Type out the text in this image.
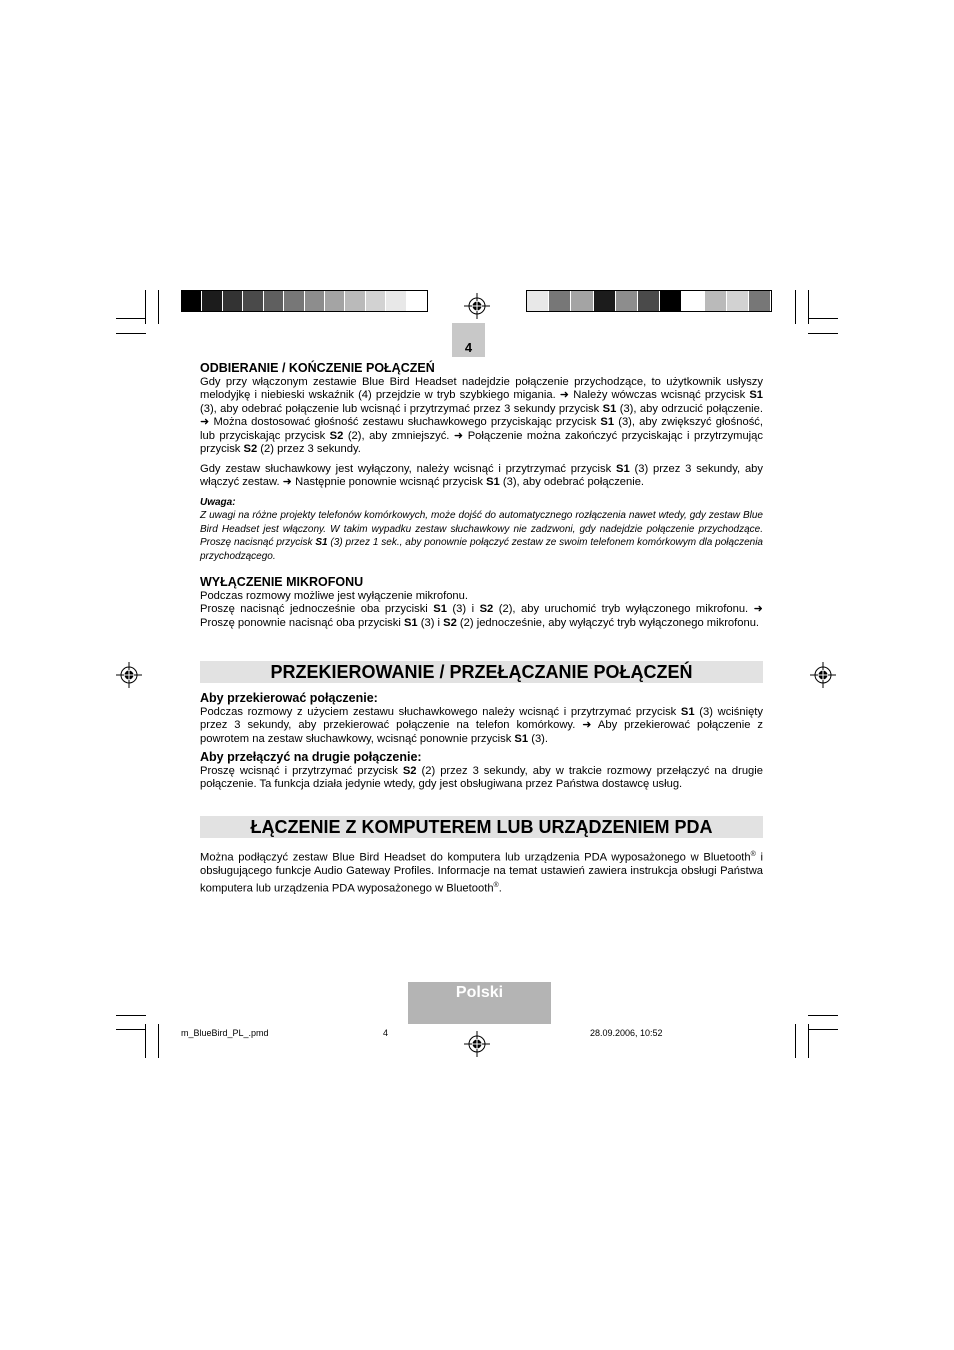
4

ODBIERANIE / KOŃCZENIE POŁĄCZEŃ

Gdy przy włączonym zestawie Blue Bird Headset nadejdzie połączenie przychodzące, to użytkownik usłyszy melodyjkę i niebieski wskaźnik (4) przejdzie w tryb szybkiego migania. ➜ Należy wówczas wcisnąć przycisk S1 (3), aby odebrać połączenie lub wcisnąć i przytrzymać przez 3 sekundy przycisk S1 (3), aby odrzucić połączenie. ➜ Można dostosować głośność zestawu słuchawkowego przyciskając przycisk S1 (3), aby zwiększyć głośność, lub przyciskając przycisk S2 (2), aby zmniejszyć. ➜ Połączenie można zakończyć przyciskając i przytrzymując przycisk S2 (2) przez 3 sekundy.

Gdy zestaw słuchawkowy jest wyłączony, należy wcisnąć i przytrzymać przycisk S1 (3) przez 3 sekundy, aby włączyć zestaw. ➜ Następnie ponownie wcisnąć przycisk S1 (3), aby odebrać połączenie.

Uwaga:

Z uwagi na różne projekty telefonów komórkowych, może dojść do automatycznego rozłączenia nawet wtedy, gdy zestaw Blue Bird Headset jest włączony. W takim wypadku zestaw słuchawkowy nie zadzwoni, gdy nadejdzie połączenie przychodzące. Proszę nacisnąć przycisk S1 (3) przez 1 sek., aby ponownie połączyć zestaw ze swoim telefonem komórkowym dla połączenia przychodzącego.

WYŁĄCZENIE MIKROFONU

Podczas rozmowy możliwe jest wyłączenie mikrofonu.

Proszę nacisnąć jednocześnie oba przyciski S1 (3) i S2 (2), aby uruchomić tryb wyłączonego mikrofonu. ➜ Proszę ponownie nacisnąć oba przyciski S1 (3) i S2 (2) jednocześnie, aby wyłączyć tryb wyłączonego mikrofonu.

PRZEKIEROWANIE / PRZEŁĄCZANIE POŁĄCZEŃ

Aby przekierować połączenie:

Podczas rozmowy z użyciem zestawu słuchawkowego należy wcisnąć i przytrzymać przycisk S1 (3) wciśnięty przez 3 sekundy, aby przekierować połączenie na telefon komórkowy. ➜ Aby przekierować połączenie z powrotem na zestaw słuchawkowy, wcisnąć ponownie przycisk S1 (3).

Aby przełączyć na drugie połączenie:

Proszę wcisnąć i przytrzymać przycisk S2 (2) przez 3 sekundy, aby w trakcie rozmowy przełączyć na drugie połączenie. Ta funkcja działa jedynie wtedy, gdy jest obsługiwana przez Państwa dostawcę usług.

ŁĄCZENIE Z KOMPUTEREM LUB URZĄDZENIEM PDA

Można podłączyć zestaw Blue Bird Headset do komputera lub urządzenia PDA wyposażonego w Bluetooth® i obsługującego funkcje Audio Gateway Profiles. Informacje na temat ustawień zawiera instrukcja obsługi Państwa komputera lub urządzenia PDA wyposażonego w Bluetooth®.

Polski
m_BlueBird_PL_.pmd	4	28.09.2006, 10:52
